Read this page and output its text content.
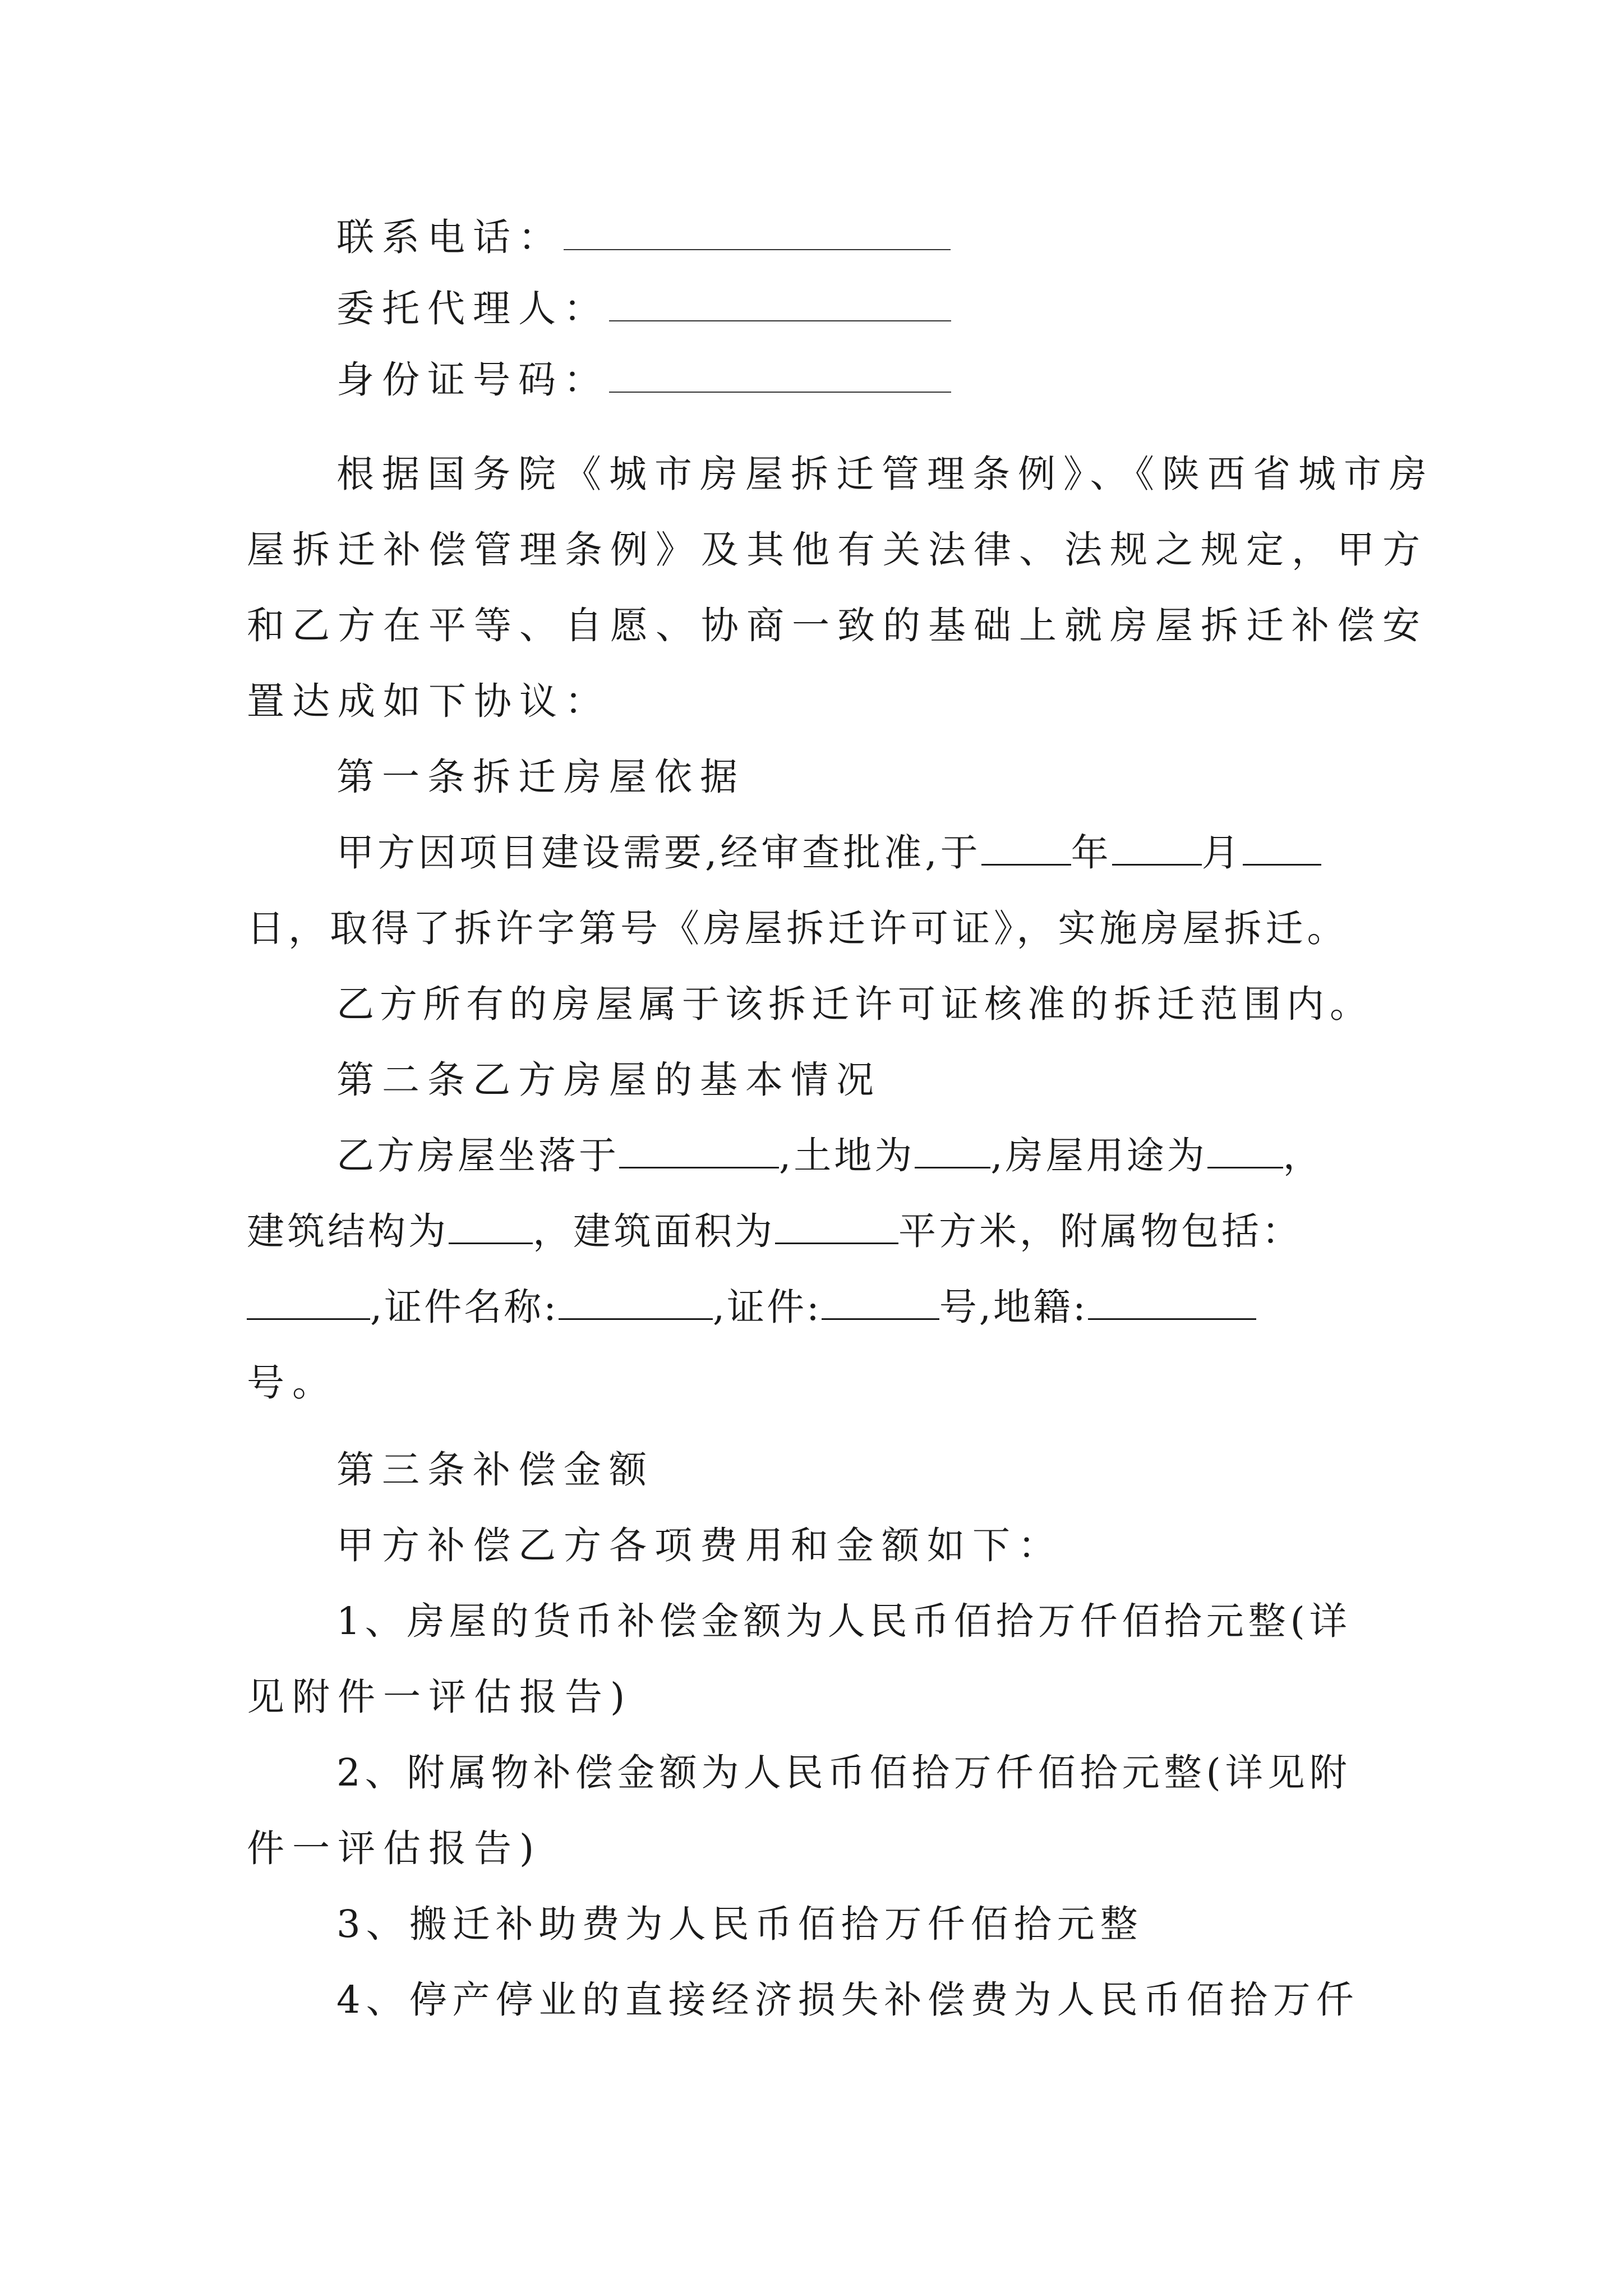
联系电话：
委托代理人：
身份证号码：
根据国务院《城市房屋拆迁管理条例》、《陕西省城市房
屋拆迁补偿管理条例》及其他有关法律、法规之规定，甲方
和乙方在平等、自愿、协商一致的基础上就房屋拆迁补偿安
置达成如下协议：
第一条拆迁房屋依据
甲方因项目建设需要,经审查批准,于 年 月
日，取得了拆许字第号《房屋拆迁许可证》，实施房屋拆迁。
乙方所有的房屋属于该拆迁许可证核准的拆迁范围内。
第二条乙方房屋的基本情况
乙方房屋坐落于	,土地为 ,房屋用途为 ，
建筑结构为 ，建筑面积为	平方米，附属物包括：
,证件名称:	,证件:	号,地籍:
号。
第三条补偿金额
甲方补偿乙方各项费用和金额如下：
1、房屋的货币补偿金额为人民币佰拾万仟佰拾元整(详
见附件一评估报告)
2、附属物补偿金额为人民币佰拾万仟佰拾元整(详见附
件一评估报告)
3、搬迁补助费为人民币佰拾万仟佰拾元整
4、停产停业的直接经济损失补偿费为人民币佰拾万仟
